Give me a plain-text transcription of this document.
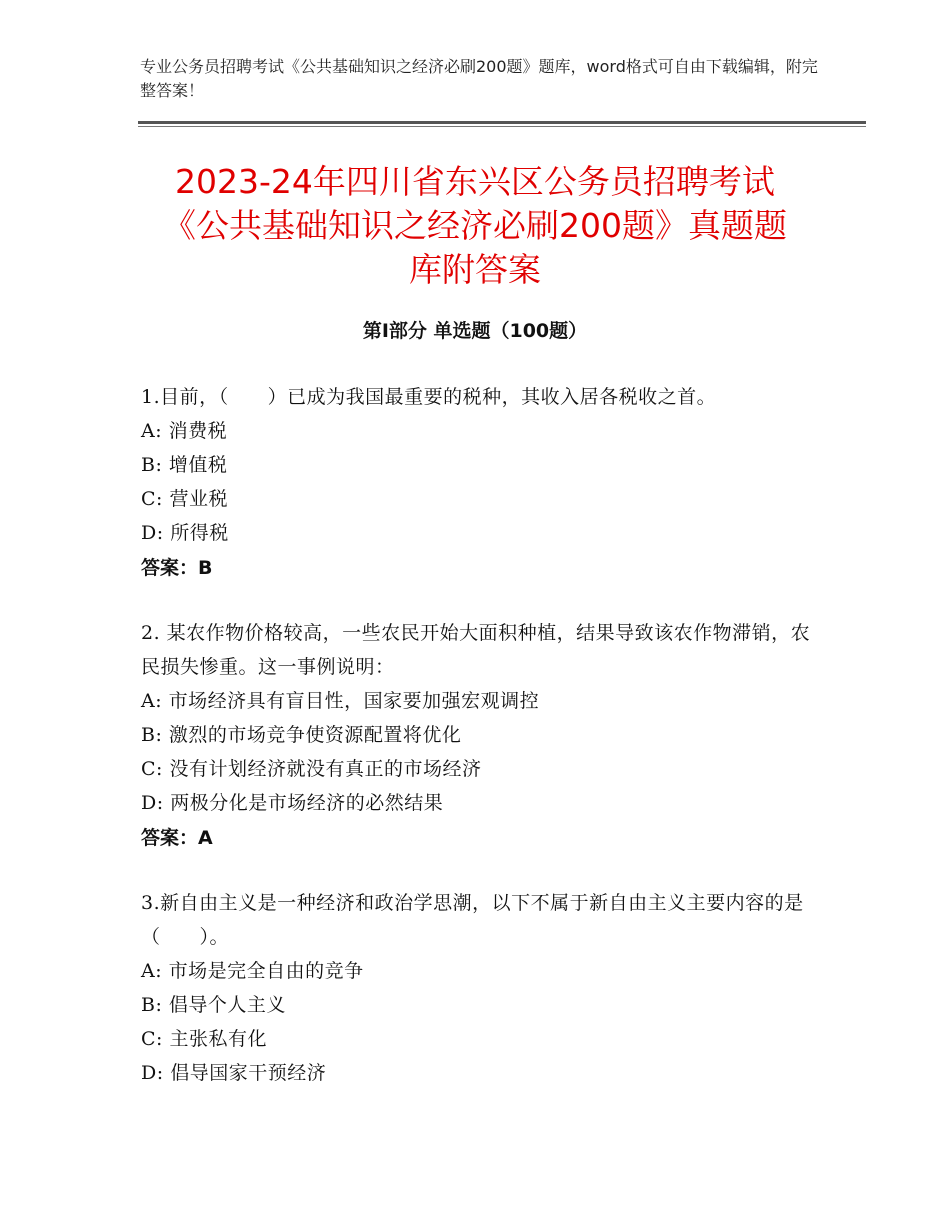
专业公务员招聘考试《公共基础知识之经济必刷200题》题库，word格式可自由下载编辑，附完整答案！
2023-24年四川省东兴区公务员招聘考试
《公共基础知识之经济必刷200题》真题题
库附答案
第Ⅰ部分 单选题（100题）
1.目前，（　　）已成为我国最重要的税种，其收入居各税收之首。
A: 消费税
B: 增值税
C: 营业税
D: 所得税
答案：B
2. 某农作物价格较高，一些农民开始大面积种植，结果导致该农作物滞销，农民损失惨重。这一事例说明：
A: 市场经济具有盲目性，国家要加强宏观调控
B: 激烈的市场竞争使资源配置将优化
C: 没有计划经济就没有真正的市场经济
D: 两极分化是市场经济的必然结果
答案：A
3.新自由主义是一种经济和政治学思潮，以下不属于新自由主义主要内容的是（　　）。
A: 市场是完全自由的竞争
B: 倡导个人主义
C: 主张私有化
D: 倡导国家干预经济
